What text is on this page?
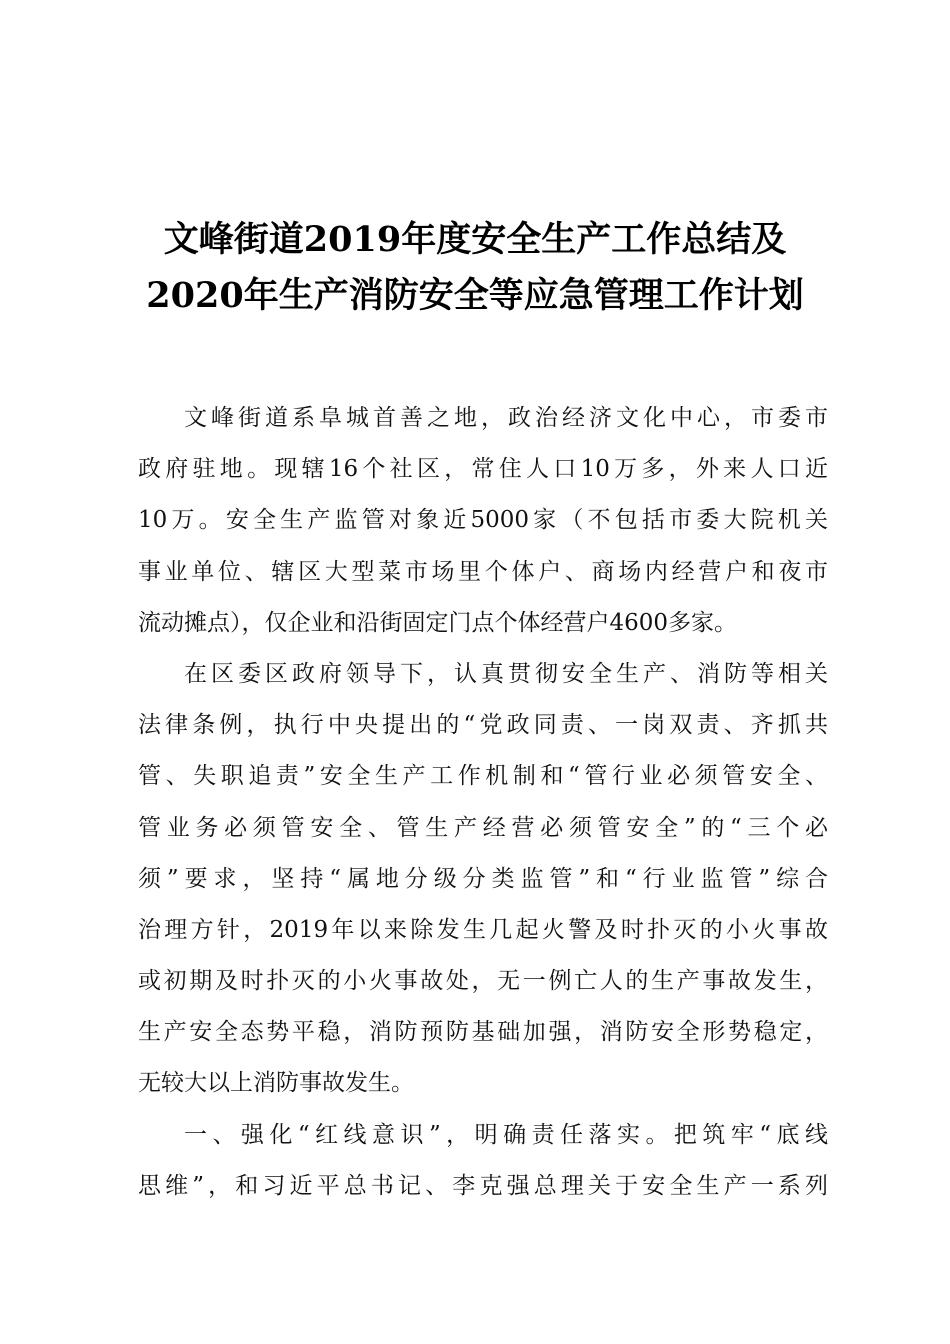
文峰街道2019年度安全生产工作总结及
2020年生产消防安全等应急管理工作计划
文峰街道系阜城首善之地，政治经济文化中心，市委市
政府驻地。现辖16个社区，常住人口10万多，外来人口近
10万。安全生产监管对象近5000家（不包括市委大院机关
事业单位、辖区大型菜市场里个体户、商场内经营户和夜市
流动摊点），仅企业和沿街固定门点个体经营户4600多家。
在区委区政府领导下，认真贯彻安全生产、消防等相关
法律条例，执行中央提出的“党政同责、一岗双责、齐抓共
管、失职追责”安全生产工作机制和“管行业必须管安全、
管业务必须管安全、管生产经营必须管安全”的“三个必
须”要求，坚持“属地分级分类监管”和“行业监管”综合
治理方针，2019年以来除发生几起火警及时扑灭的小火事故
或初期及时扑灭的小火事故处，无一例亡人的生产事故发生，
生产安全态势平稳，消防预防基础加强，消防安全形势稳定，
无较大以上消防事故发生。
一、强化“红线意识”，明确责任落实。把筑牢“底线
思维”，和习近平总书记、李克强总理关于安全生产一系列
